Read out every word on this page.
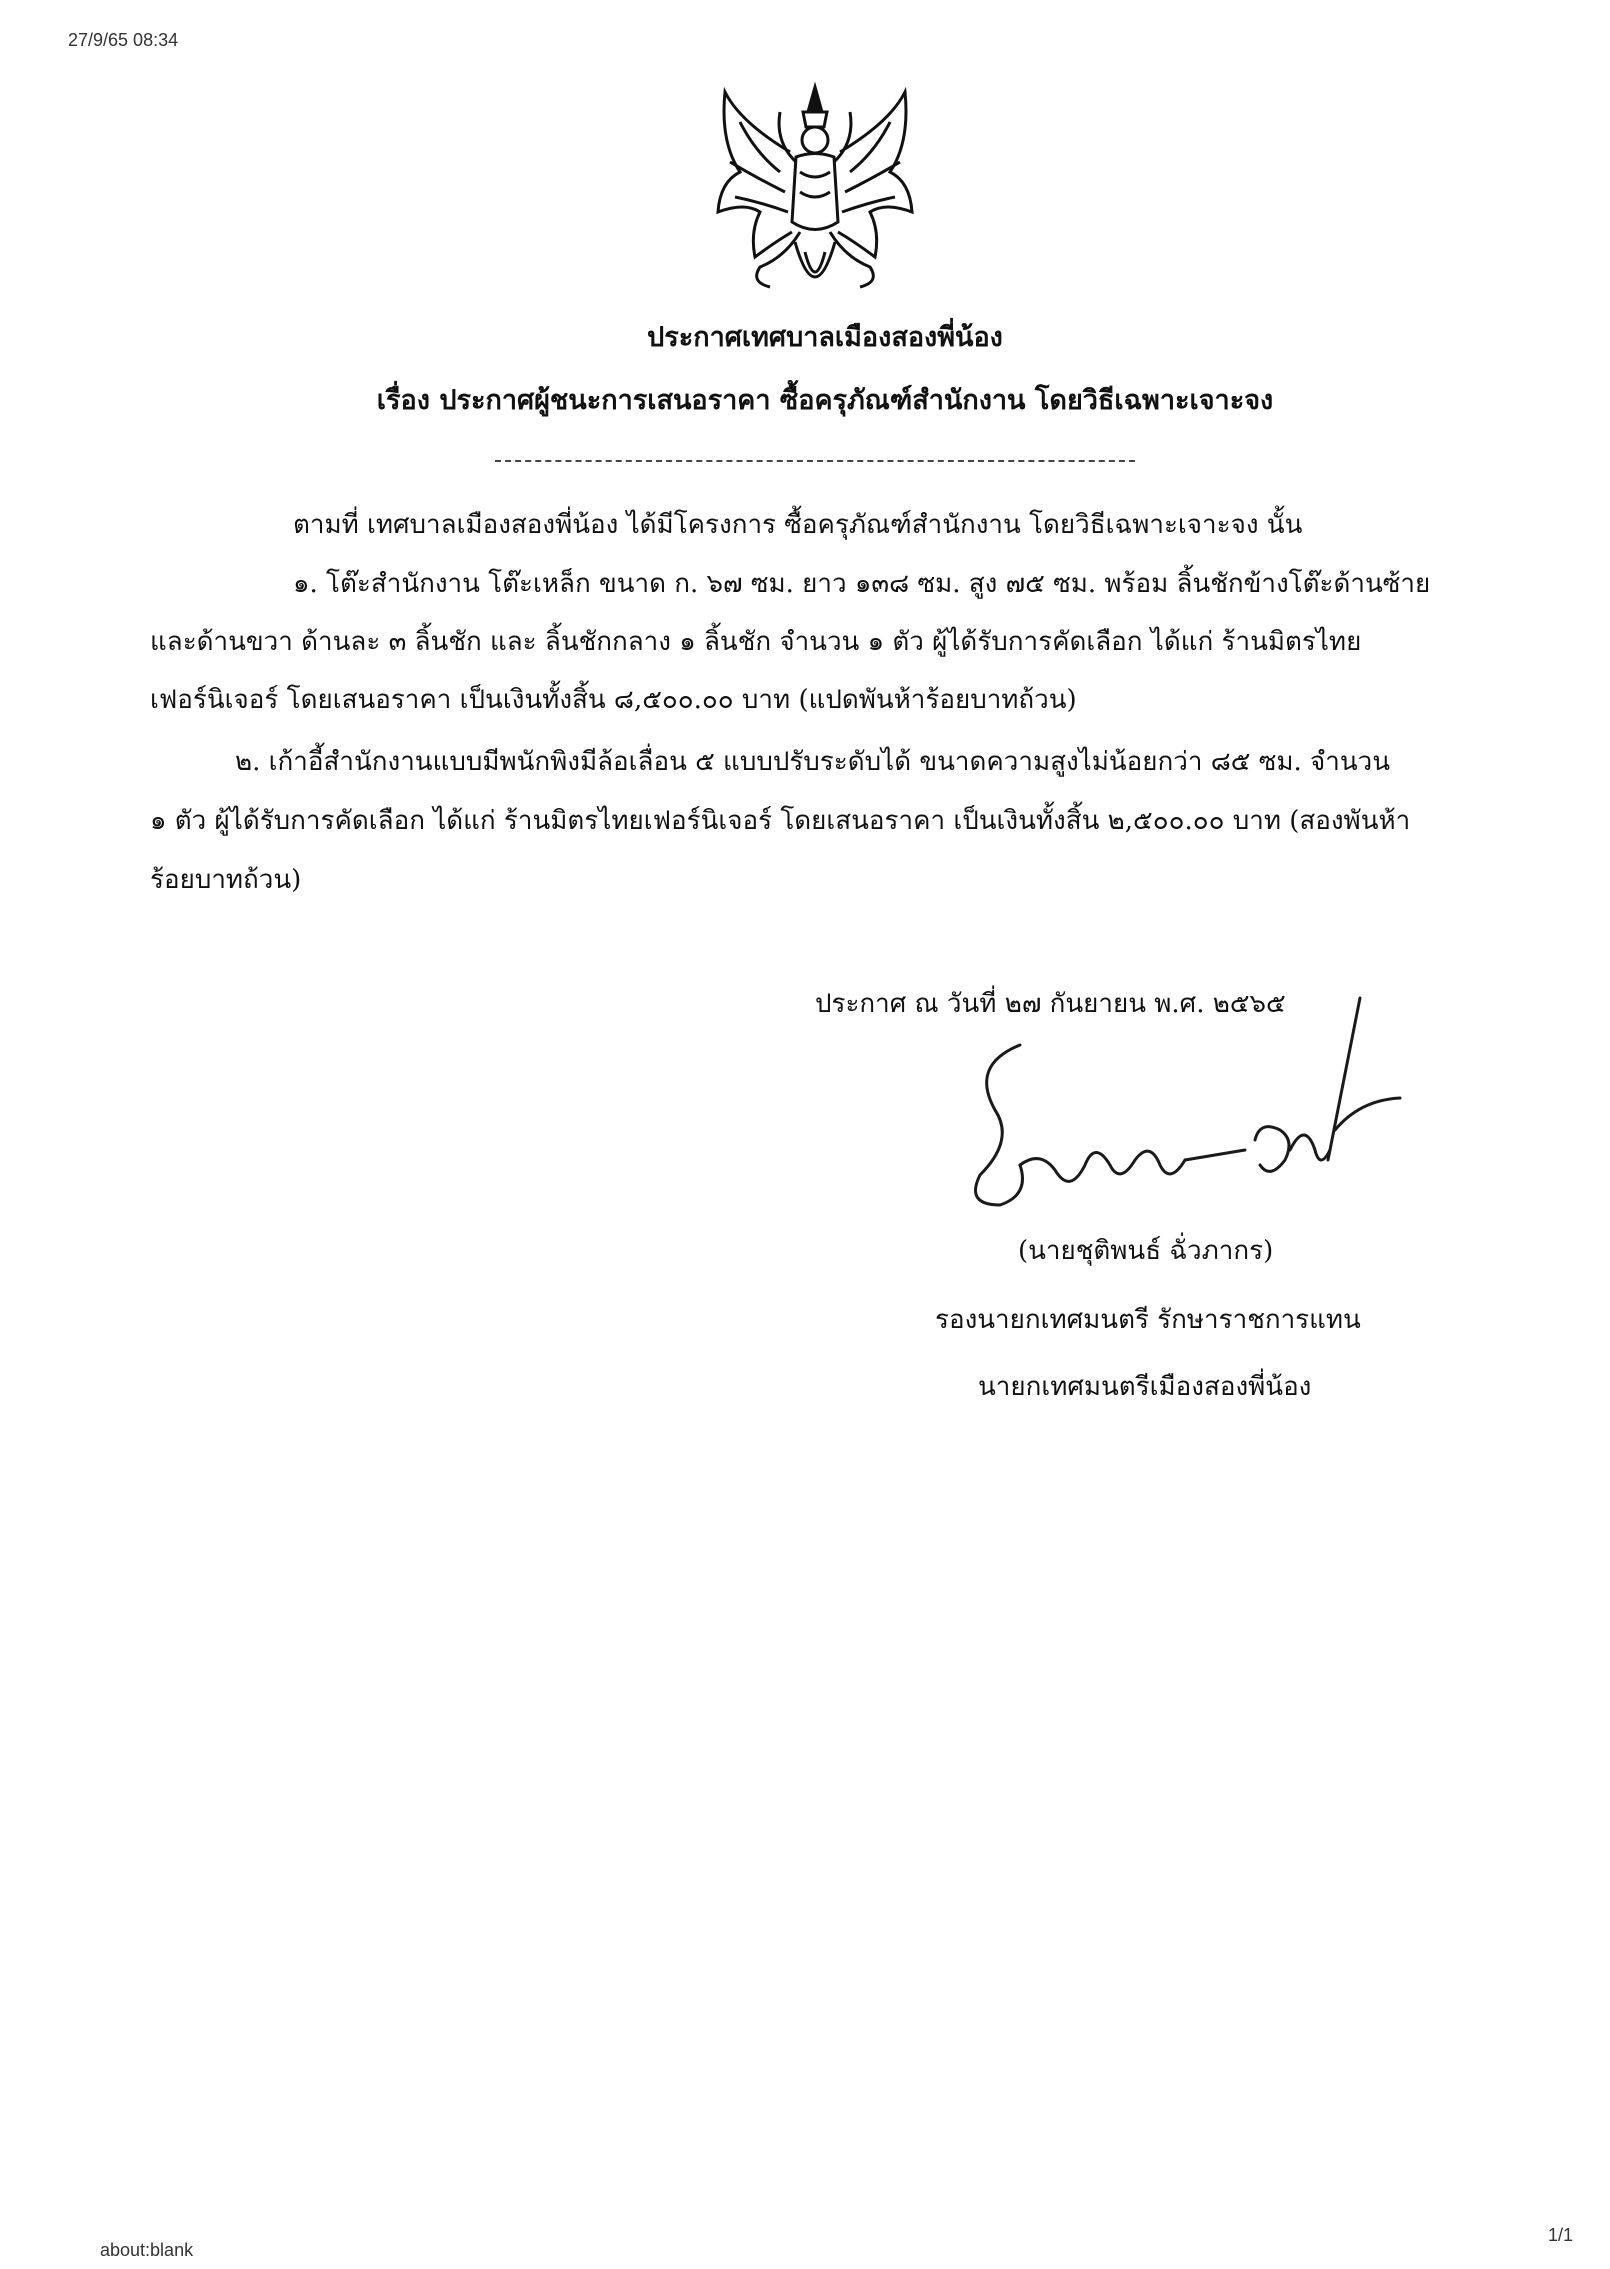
27/9/65 08:34
ประกาศเทศบาลเมืองสองพี่น้อง
เรื่อง ประกาศผู้ชนะการเสนอราคา ซื้อครุภัณฑ์สำนักงาน โดยวิธีเฉพาะเจาะจง
ตามที่ เทศบาลเมืองสองพี่น้อง ได้มีโครงการ ซื้อครุภัณฑ์สำนักงาน โดยวิธีเฉพาะเจาะจง นั้น
๑. โต๊ะสำนักงาน โต๊ะเหล็ก ขนาด ก. ๖๗ ซม. ยาว ๑๓๘ ซม. สูง ๗๕ ซม. พร้อม ลิ้นชักข้างโต๊ะด้านซ้าย
และด้านขวา ด้านละ ๓ ลิ้นชัก และ ลิ้นชักกลาง ๑ ลิ้นชัก จำนวน ๑ ตัว ผู้ได้รับการคัดเลือก ได้แก่ ร้านมิตรไทย
เฟอร์นิเจอร์ โดยเสนอราคา เป็นเงินทั้งสิ้น ๘,๕๐๐.๐๐ บาท (แปดพันห้าร้อยบาทถ้วน)
๒. เก้าอี้สำนักงานแบบมีพนักพิงมีล้อเลื่อน ๕ แบบปรับระดับได้ ขนาดความสูงไม่น้อยกว่า ๘๕ ซม. จำนวน
๑ ตัว ผู้ได้รับการคัดเลือก ได้แก่ ร้านมิตรไทยเฟอร์นิเจอร์ โดยเสนอราคา เป็นเงินทั้งสิ้น ๒,๕๐๐.๐๐ บาท (สองพันห้า
ร้อยบาทถ้วน)
ประกาศ ณ วันที่ ๒๗ กันยายน พ.ศ. ๒๕๖๕
(นายชุติพนธ์ ฉั่วภากร)
รองนายกเทศมนตรี รักษาราชการแทน
นายกเทศมนตรีเมืองสองพี่น้อง
about:blank
1/1
